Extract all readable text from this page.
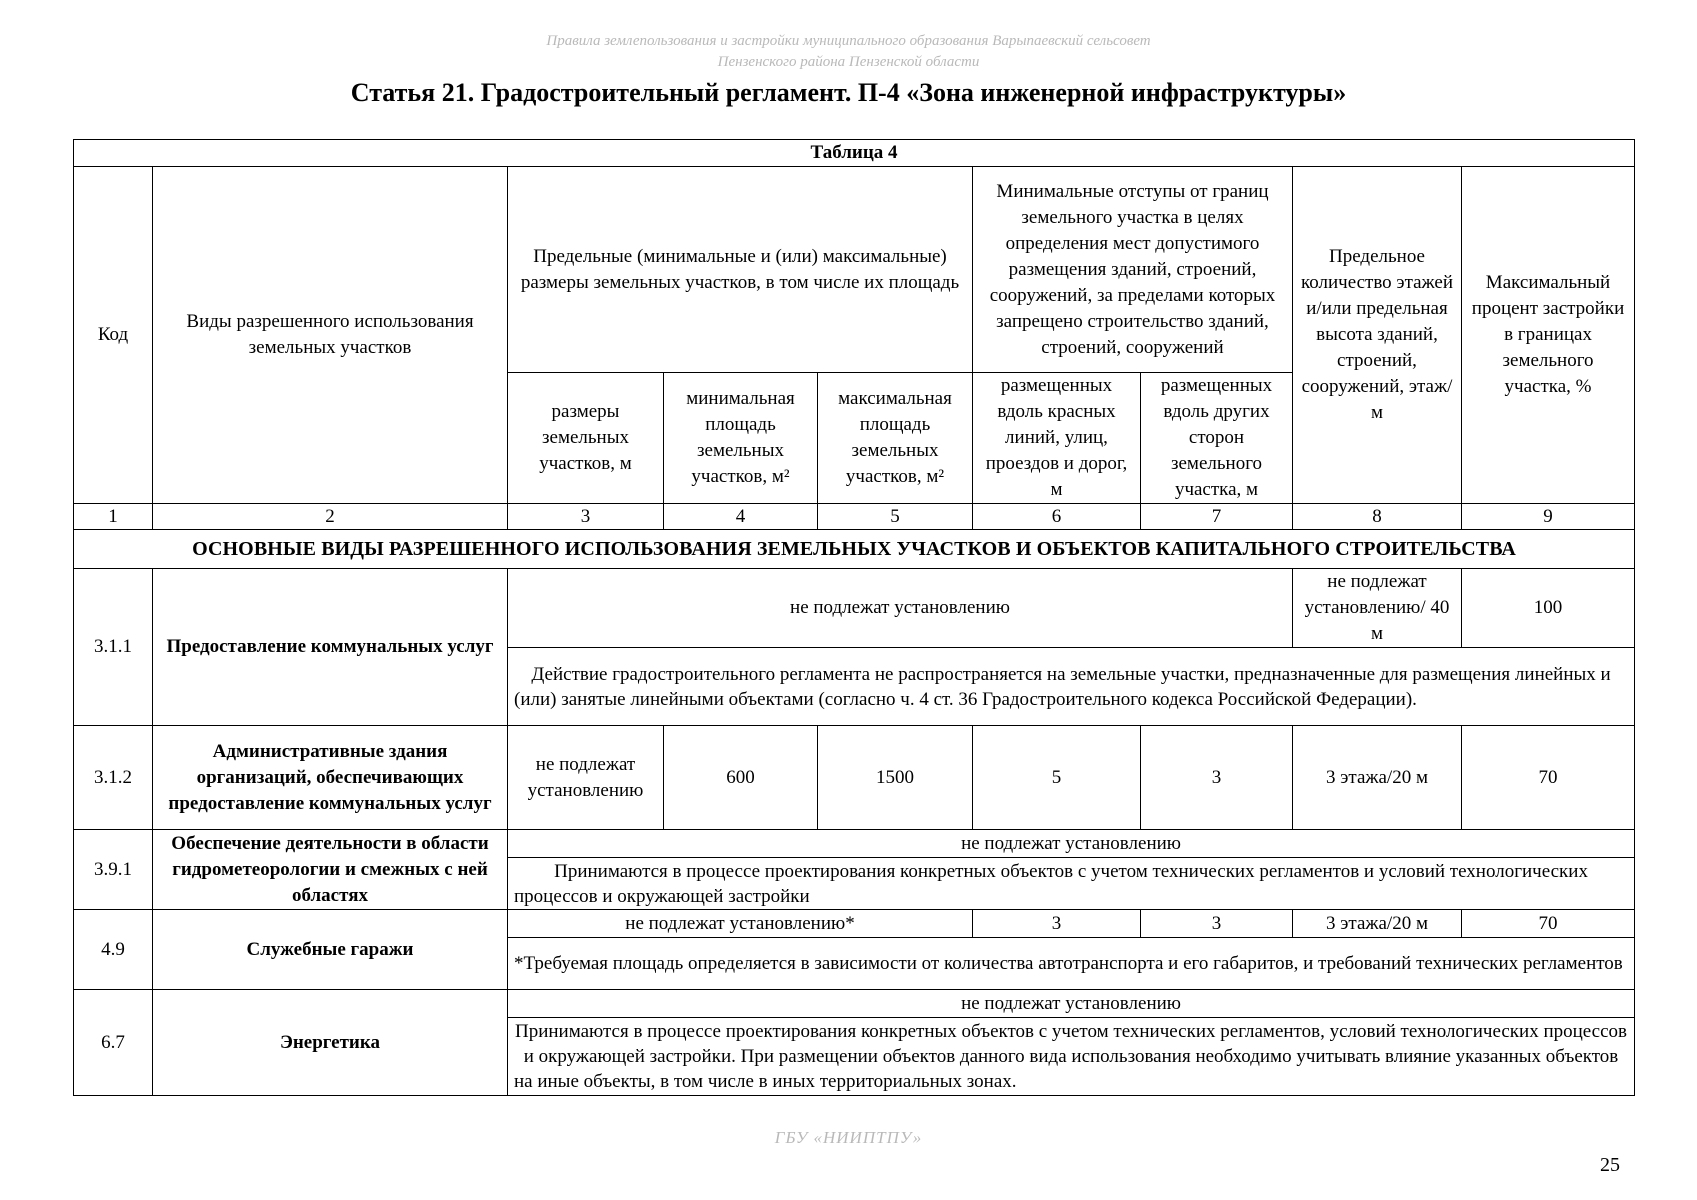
Правила землепользования и застройки муниципального образования Варыпаевский сельсовет
Пензенского района Пензенской области
Статья 21. Градостроительный регламент. П-4 «Зона инженерной инфраструктуры»
Таблица 4								
Код	Виды разрешенного использования земельных участков	Предельные (минимальные и (или) максимальные) размеры земельных участков, в том числе их площадь			Минимальные отступы от границ земельного участка в целях определения мест допустимого размещения зданий, строений, сооружений, за пределами которых запрещено строительство зданий, строений, сооружений		Предельное количество этажей и/или предельная высота зданий, строений, сооружений, этаж/м	Максимальный процент застройки в границах земельного участка, %
		размеры земельных участков, м	минимальная площадь земельных участков, м²	максимальная площадь земельных участков, м²	размещенных вдоль красных линий, улиц, проездов и дорог, м	размещенных вдоль других сторон земельного участка, м		
1	2	3	4	5	6	7	8	9
ОСНОВНЫЕ ВИДЫ РАЗРЕШЕННОГО ИСПОЛЬЗОВАНИЯ ЗЕМЕЛЬНЫХ УЧАСТКОВ И ОБЪЕКТОВ КАПИТАЛЬНОГО СТРОИТЕЛЬСТВА								
3.1.1	Предоставление коммунальных услуг	не подлежат установлению					не подлежат установлению/ 40 м	100
		Действие градостроительного регламента не распространяется на земельные участки, предназначенные для размещения линейных и (или) занятые линейными объектами (согласно ч. 4 ст. 36 Градостроительного кодекса Российской Федерации).						
3.1.2	Административные здания организаций, обеспечивающих предоставление коммунальных услуг	не подлежат установлению	600	1500	5	3	3 этажа/20 м	70
3.9.1	Обеспечение деятельности в области гидрометеорологии и смежных с ней областях	не подлежат установлению						
		Принимаются в процессе проектирования конкретных объектов с учетом технических регламентов и условий технологических процессов и окружающей застройки						
4.9	Служебные гаражи	не подлежат установлению*			3	3	3 этажа/20 м	70
		*Требуемая площадь определяется в зависимости от количества автотранспорта и его габаритов, и требований технических регламентов						
6.7	Энергетика	не подлежат установлению						
		Принимаются в процессе проектирования конкретных объектов с учетом технических регламентов, условий технологических процессов и окружающей застройки. При размещении объектов данного вида использования необходимо учитывать влияние указанных объектов на иные объекты, в том числе в иных территориальных зонах.						
ГБУ «НИИПТПУ»
25
